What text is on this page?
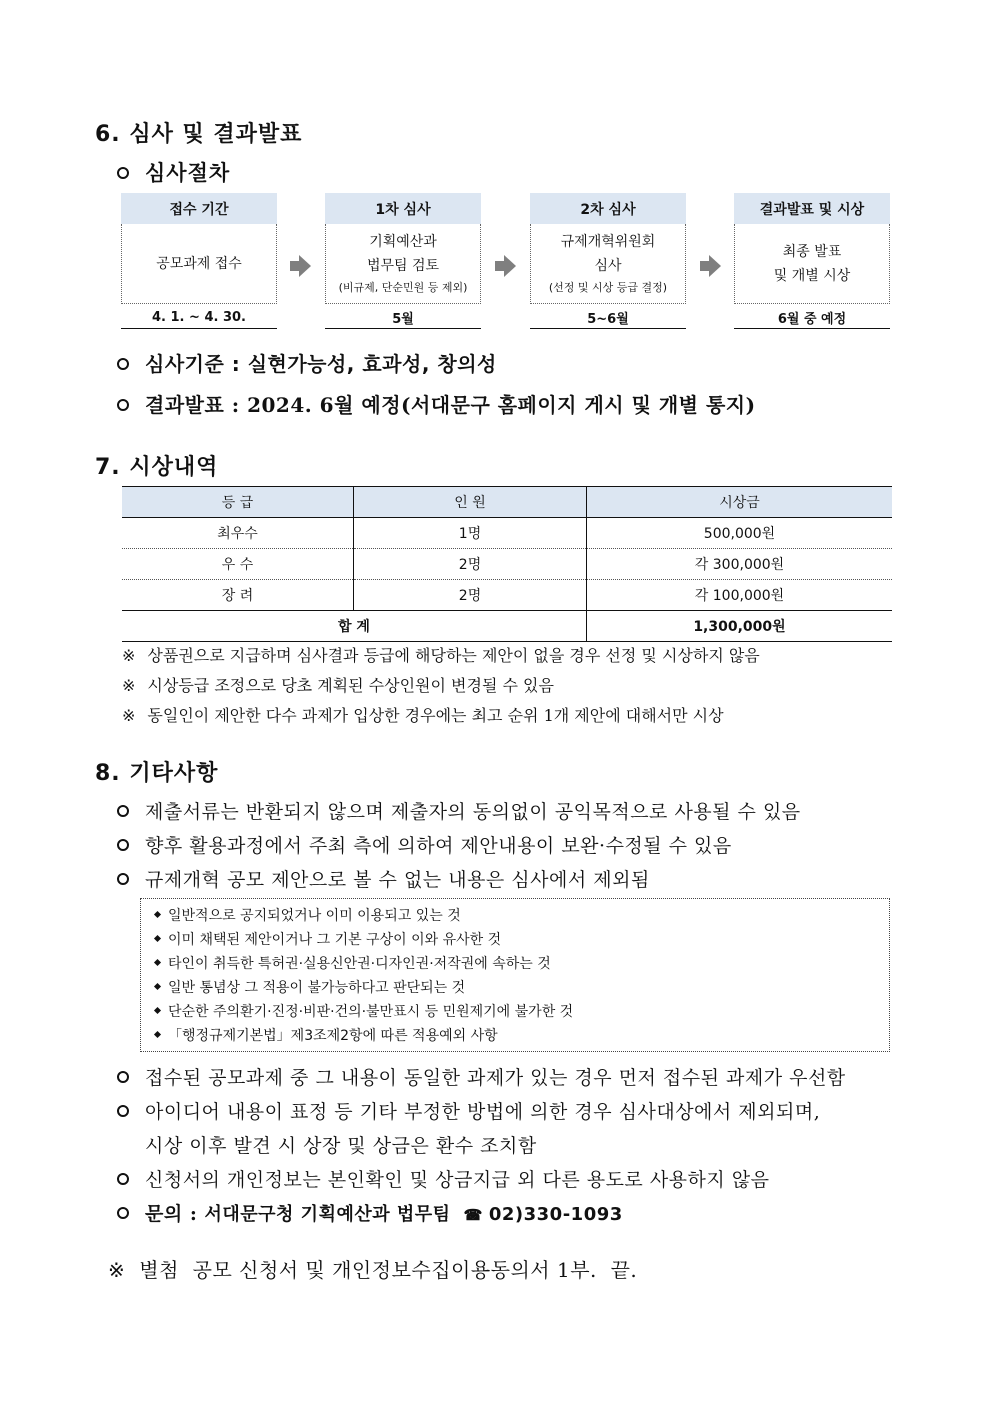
6. 심사 및 결과발표
심사절차
접수 기간
공모과제 접수
4. 1. ~ 4. 30.
1차 심사
기획예산과
법무팀 검토
(비규제, 단순민원 등 제외)
5월
2차 심사
규제개혁위원회
심사
(선정 및 시상 등급 결정)
5~6월
결과발표 및 시상
최종 발표
및 개별 시상
6월 중 예정
심사기준 : 실현가능성, 효과성, 창의성
결과발표 : 2024. 6월 예정(서대문구 홈페이지 게시 및 개별 통지)
7. 시상내역
등 급	인 원	시상금
최우수	1명	500,000원
우 수	2명	각 300,000원
장 려	2명	각 100,000원
합 계		1,300,000원
※ 상품권으로 지급하며 심사결과 등급에 해당하는 제안이 없을 경우 선정 및 시상하지 않음
※ 시상등급 조정으로 당초 계획된 수상인원이 변경될 수 있음
※ 동일인이 제안한 다수 과제가 입상한 경우에는 최고 순위 1개 제안에 대해서만 시상
8. 기타사항
제출서류는 반환되지 않으며 제출자의 동의없이 공익목적으로 사용될 수 있음
향후 활용과정에서 주최 측에 의하여 제안내용이 보완·수정될 수 있음
규제개혁 공모 제안으로 볼 수 없는 내용은 심사에서 제외됨
일반적으로 공지되었거나 이미 이용되고 있는 것
이미 채택된 제안이거나 그 기본 구상이 이와 유사한 것
타인이 취득한 특허권·실용신안권·디자인권·저작권에 속하는 것
일반 통념상 그 적용이 불가능하다고 판단되는 것
단순한 주의환기·진정·비판·건의·불만표시 등 민원제기에 불가한 것
「행정규제기본법」제3조제2항에 따른 적용예외 사항
접수된 공모과제 중 그 내용이 동일한 과제가 있는 경우 먼저 접수된 과제가 우선함
아이디어 내용이 표정 등 기타 부정한 방법에 의한 경우 심사대상에서 제외되며,
시상 이후 발견 시 상장 및 상금은 환수 조치함
신청서의 개인정보는 본인확인 및 상금지급 외 다른 용도로 사용하지 않음
문의 : 서대문구청 기획예산과 법무팀 ☎ 02)330-1093
※ 별첨  공모 신청서 및 개인정보수집이용동의서 1부.  끝.
